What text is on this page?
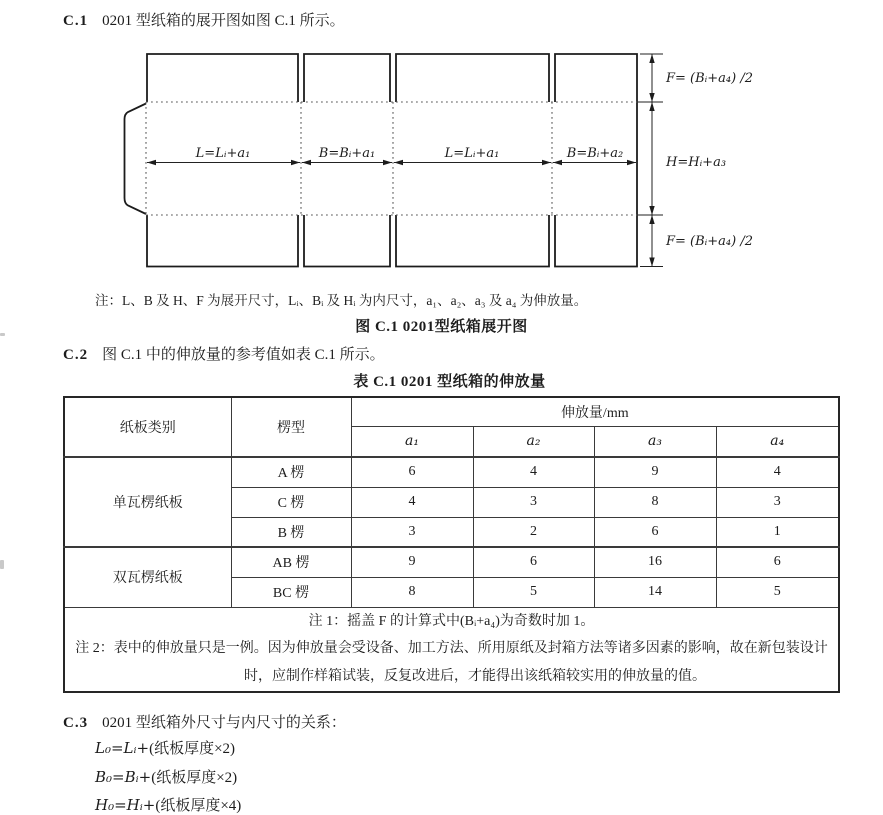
C.1 0201 型纸箱的展开图如图 C.1 所示。
L=Lᵢ+a₁	B=Bᵢ+a₁	L=Lᵢ+a₁	B=Bᵢ+a₂
F= (Bᵢ+a₄) /2
H=Hᵢ+a₃
F= (Bᵢ+a₄) /2
注：L、B 及 H、F 为展开尺寸，Lᵢ、Bᵢ 及 Hᵢ 为内尺寸，a₁、a₂、a₃ 及 a₄ 为伸放量。
图 C.1 0201型纸箱展开图
C.2 图 C.1 中的伸放量的参考值如表 C.1 所示。
表 C.1 0201 型纸箱的伸放量
纸板类别	楞型	伸放量/mm			
		a₁	a₂	a₃	a₄
单瓦楞纸板	A 楞	6	4	9	4
	C 楞	4	3	8	3
	B 楞	3	2	6	1
双瓦楞纸板	AB 楞	9	6	16	6
	BC 楞	8	5	14	5

注 1：摇盖 F 的计算式中(Bᵢ+a₄)为奇数时加 1。
注 2：表中的伸放量只是一例。因为伸放量会受设备、加工方法、所用原纸及封箱方法等诸多因素的影响，故在新包装设计时，应制作样箱试装，反复改进后，才能得出该纸箱较实用的伸放量的值。					
C.3 0201 型纸箱外尺寸与内尺寸的关系：
L₀=Lᵢ+(纸板厚度×2)
B₀=Bᵢ+(纸板厚度×2)
H₀=Hᵢ+(纸板厚度×4)
